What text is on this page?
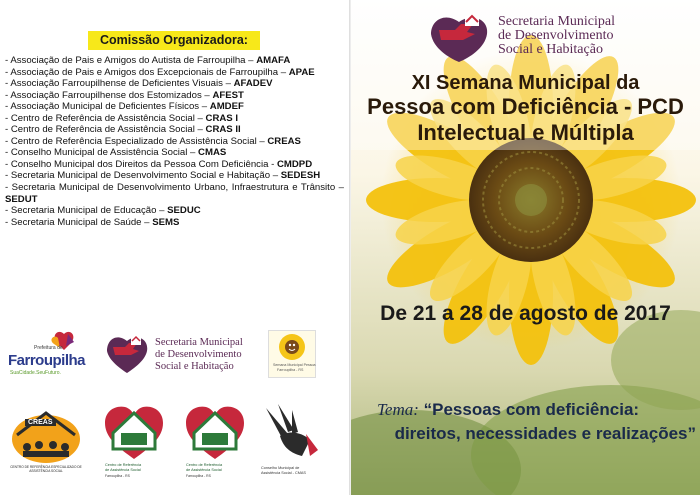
Comissão Organizadora:
- Associação de Pais e Amigos do Autista de Farroupilha – AMAFA
- Associação de Pais e Amigos dos Excepcionais de Farroupilha – APAE
- Associação Farroupilhense de Deficientes Visuais – AFADEV
- Associação Farroupilhense dos Estomizados – AFEST
- Associação Municipal de Deficientes Físicos – AMDEF
- Centro de Referência de Assistência Social – CRAS I
- Centro de Referência de Assistência Social – CRAS II
- Centro de Referência Especializado de Assistência Social – CREAS
- Conselho Municipal de Assistência Social – CMAS
- Conselho Municipal dos Direitos da Pessoa Com Deficiência - CMDPD
- Secretaria Municipal de Desenvolvimento Social e Habitação – SEDESH
- Secretaria Municipal de Desenvolvimento Urbano, Infraestrutura e Trânsito – SEDUT
- Secretaria Municipal de Educação – SEDUC
- Secretaria Municipal de Saúde – SEMS
Prefeitura de
Farroupilha
SuaCidade.SeuFuturo.
Secretaria Municipal
de Desenvolvimento
Social e Habitação	Semana Municipal Pessoa
Farroupilha - RS
CREAS
CENTRO DE REFERÊNCIA ESPECIALIZADO DE ASSISTÊNCIA SOCIAL
Centro de Referência
de Assistência Social
Farroupilha - RS
Centro de Referência
de Assistência Social
Farroupilha - RS
Conselho Municipal de
Assistência Social - CMAS
Secretaria Municipal
de Desenvolvimento
Social e Habitação
XI Semana Municipal da
Pessoa com Deficiência - PCD
Intelectual e Múltipla
De 21 a 28 de agosto de 2017
Tema: “Pessoas com deficiência:
direitos, necessidades e realizações”
